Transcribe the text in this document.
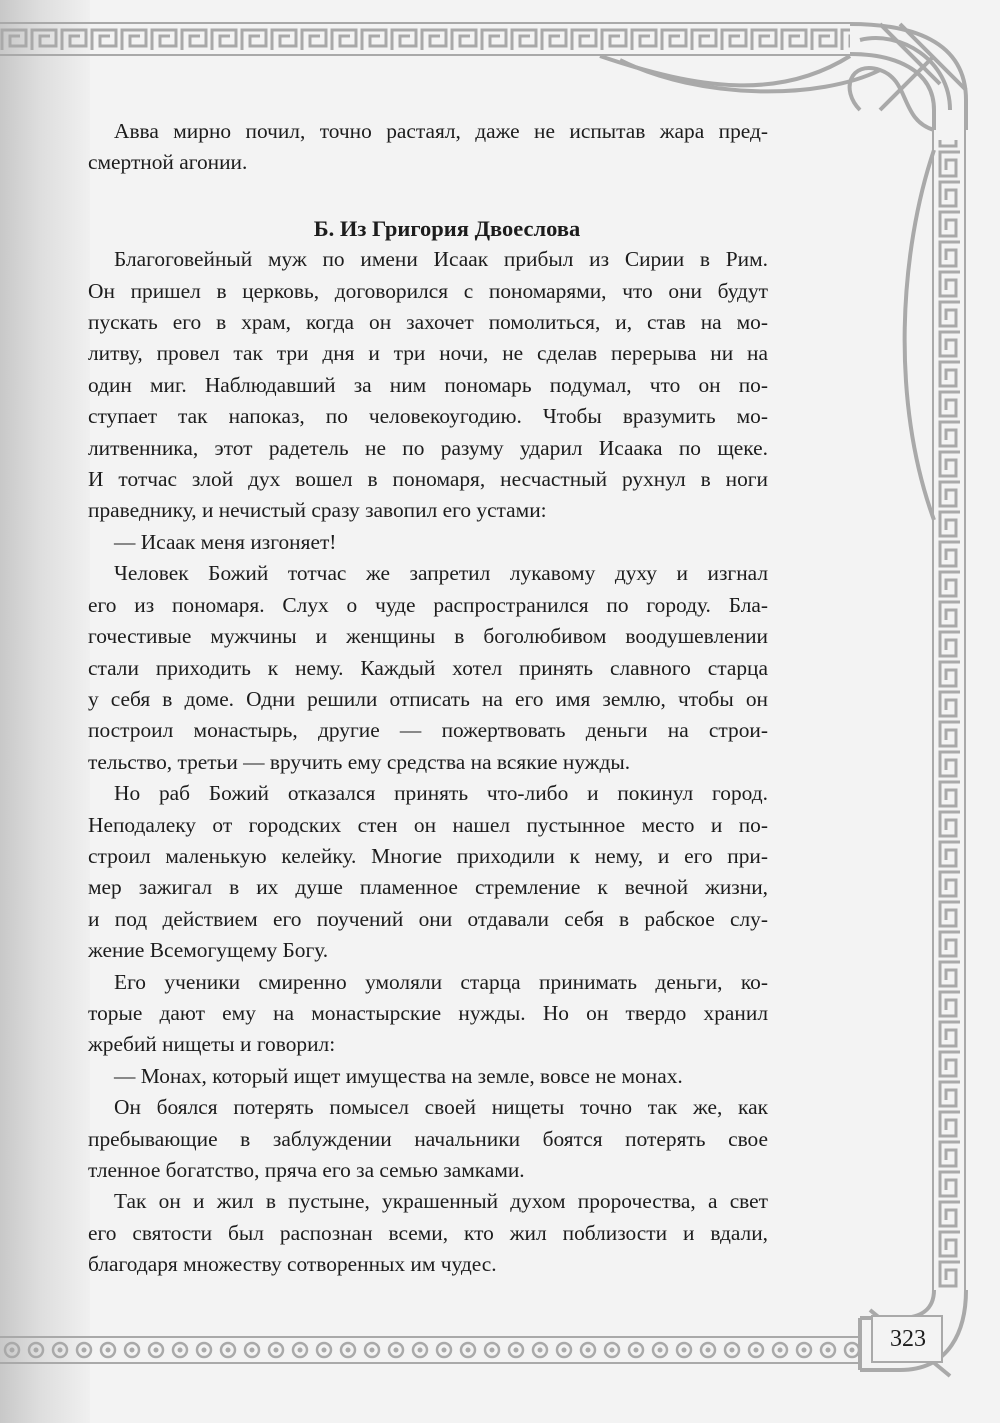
Авва мирно почил, точно растаял, даже не испытав жара пред-
смертной агонии.

Б. Из Григория Двоеслова

Благоговейный муж по имени Исаак прибыл из Сирии в Рим.
Он пришел в церковь, договорился с пономарями, что они будут
пускать его в храм, когда он захочет помолиться, и, став на мо-
литву, провел так три дня и три ночи, не сделав перерыва ни на
один миг. Наблюдавший за ним пономарь подумал, что он по-
ступает так напоказ, по человекоугодию. Чтобы вразумить мо-
литвенника, этот радетель не по разуму ударил Исаака по щеке.
И тотчас злой дух вошел в пономаря, несчастный рухнул в ноги
праведнику, и нечистый сразу завопил его устами:

— Исаак меня изгоняет!

Человек Божий тотчас же запретил лукавому духу и изгнал
его из пономаря. Слух о чуде распространился по городу. Бла-
гочестивые мужчины и женщины в боголюбивом воодушевлении
стали приходить к нему. Каждый хотел принять славного старца
у себя в доме. Одни решили отписать на его имя землю, чтобы он
построил монастырь, другие — пожертвовать деньги на строи-
тельство, третьи — вручить ему средства на всякие нужды.

Но раб Божий отказался принять что-либо и покинул город.
Неподалеку от городских стен он нашел пустынное место и по-
строил маленькую келейку. Многие приходили к нему, и его при-
мер зажигал в их душе пламенное стремление к вечной жизни,
и под действием его поучений они отдавали себя в рабское слу-
жение Всемогущему Богу.

Его ученики смиренно умоляли старца принимать деньги, ко-
торые дают ему на монастырские нужды. Но он твердо хранил
жребий нищеты и говорил:

— Монах, который ищет имущества на земле, вовсе не монах.

Он боялся потерять помысел своей нищеты точно так же, как
пребывающие в заблуждении начальники боятся потерять свое
тленное богатство, пряча его за семью замками.

Так он и жил в пустыне, украшенный духом пророчества, а свет
его святости был распознан всеми, кто жил поблизости и вдали,
благодаря множеству сотворенных им чудес.

323
